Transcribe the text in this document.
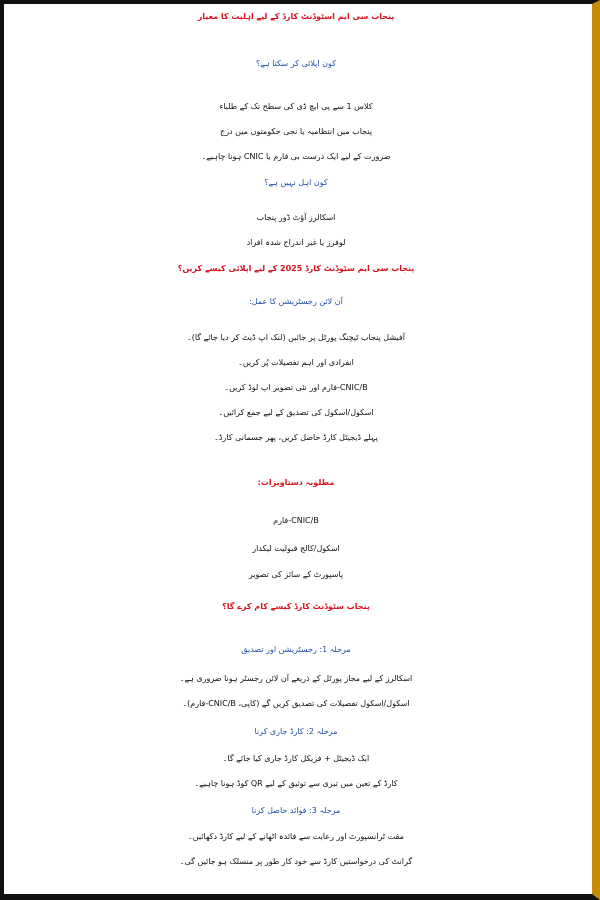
پنجاب سی ایم اسٹوڈنٹ کارڈ کے لیے اہلیت کا معیار
کون اپلائی کر سکتا ہے؟
کلاس 1 سے پی ایچ ڈی کی سطح تک کے طلباء
پنجاب میں انتظامیہ یا نجی حکومتوں میں درج
ضرورت کے لیے ایک درست بی فارم یا CNIC ہونا چاہیے۔
کون اہل نہیں ہے؟
اسکالرز آؤٹ ڈور پنجاب
لوفرز یا غیر اندراج شدہ افراد
پنجاب سی ایم سٹوڈنٹ کارڈ 2025 کے لیے اپلائی کیسے کریں؟
آن لائن رجسٹریشن کا عمل:
آفیشل پنجاب ٹیچنگ پورٹل پر جائیں (لنک اپ ڈیٹ کر دیا جائے گا)۔
انفرادی اور اہم تفصیلات پُر کریں۔
CNIC/B-فارم اور نئی تصویر اپ لوڈ کریں۔
اسکول/اسکول کی تصدیق کے لیے جمع کرائیں۔
پہلے ڈیجیٹل کارڈ حاصل کریں، پھر جسمانی کارڈ۔
مطلوبہ دستاویزات:
CNIC/B-فارم
اسکول/کالج قبولیت لیکدار
پاسپورٹ کے سائز کی تصویر
پنجاب سٹوڈنٹ کارڈ کیسے کام کرے گا؟
مرحلہ 1: رجسٹریشن اور تصدیق
اسکالرز کے لیے مجاز پورٹل کے ذریعے آن لائن رجسٹر ہونا ضروری ہے۔
اسکول/اسکول تفصیلات کی تصدیق کریں گے (کاپی، CNIC/B-فارم)۔
مرحلہ 2: کارڈ جاری کرنا
ایک ڈیجیٹل + فزیکل کارڈ جاری کیا جائے گا۔
کارڈ کے تعین میں تیزی سے توثیق کے لیے QR کوڈ ہونا چاہیے۔
مرحلہ 3: فوائد حاصل کرنا
مفت ٹرانسپورٹ اور رعایت سے فائدہ اٹھانے کے لیے کارڈ دکھائیں۔
گرانٹ کی درخواستیں کارڈ سے خود کار طور پر منسلک ہو جائیں گی۔
